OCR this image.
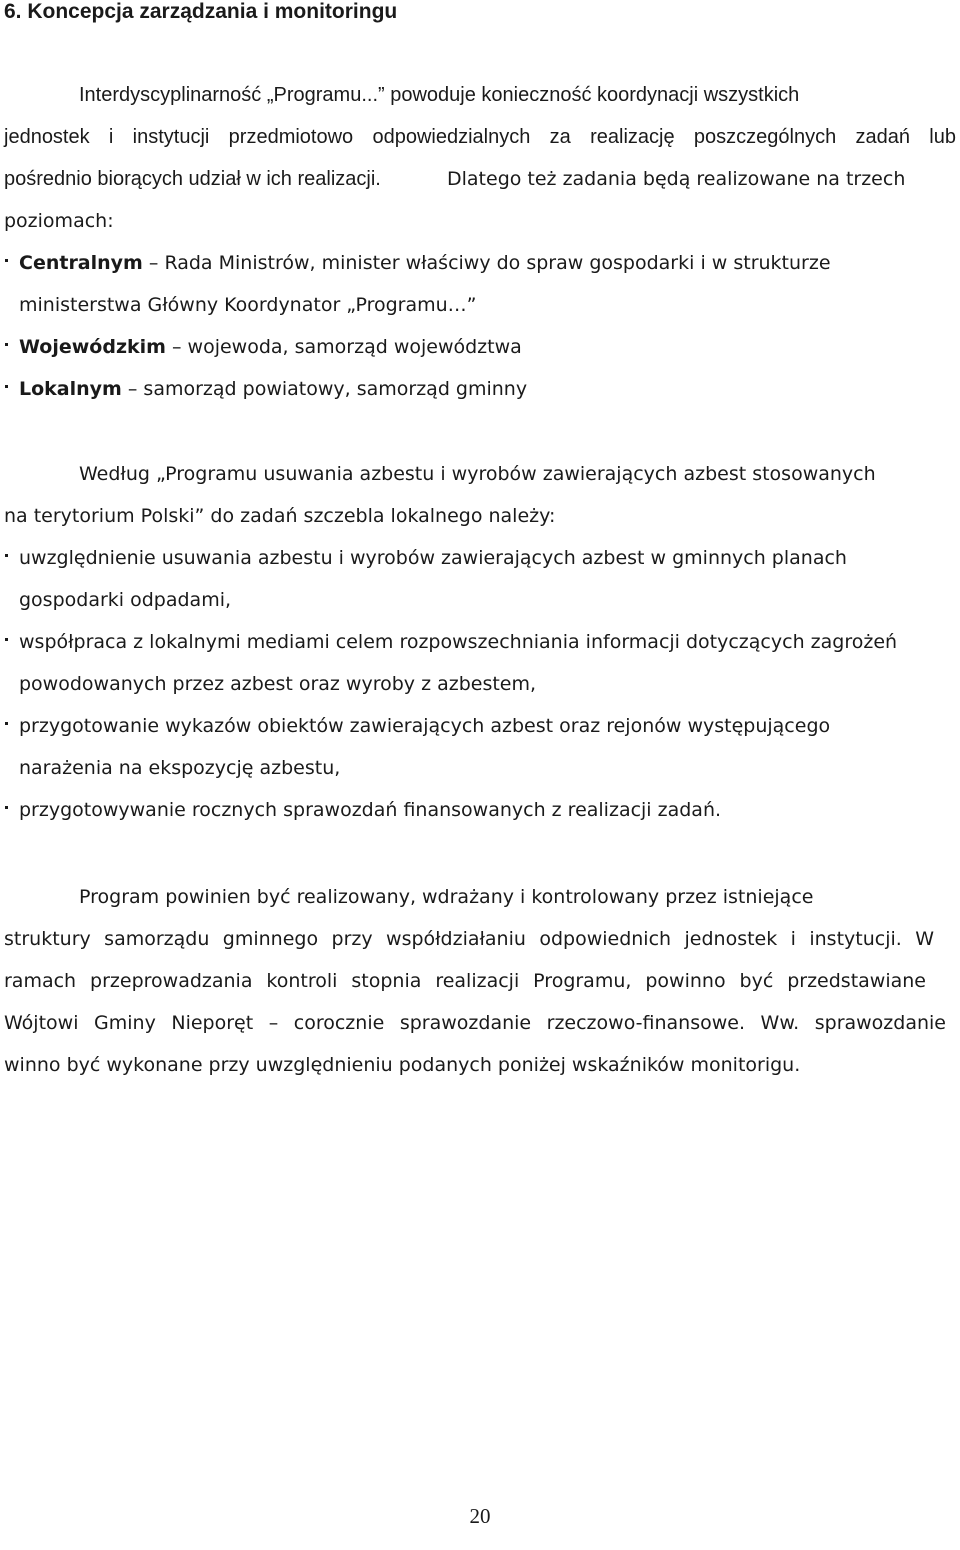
6. Koncepcja zarządzania i monitoringu
Interdyscyplinarność „Programu...” powoduje konieczność koordynacji wszystkich
jednostek i instytucji przedmiotowo odpowiedzialnych za realizację poszczególnych zadań lub
pośrednio biorących udział w ich realizacji.	Dlatego też zadania będą realizowane na trzech
poziomach:
Centralnym – Rada Ministrów, minister właściwy do spraw gospodarki i w strukturze
ministerstwa Główny Koordynator „Programu…”
Wojewódzkim – wojewoda, samorząd województwa
Lokalnym – samorząd powiatowy, samorząd gminny
Według „Programu usuwania azbestu i wyrobów zawierających azbest stosowanych
na terytorium Polski” do zadań szczebla lokalnego należy:
uwzględnienie usuwania azbestu i wyrobów zawierających azbest w gminnych planach
gospodarki odpadami,
współpraca z lokalnymi mediami celem rozpowszechniania informacji dotyczących zagrożeń
powodowanych przez azbest oraz wyroby z azbestem,
przygotowanie wykazów obiektów zawierających azbest oraz rejonów występującego
narażenia na ekspozycję azbestu,
przygotowywanie rocznych sprawozdań finansowanych z realizacji zadań.
Program powinien być realizowany, wdrażany i kontrolowany przez istniejące
struktury samorządu gminnego przy współdziałaniu odpowiednich jednostek i instytucji. W
ramach przeprowadzania kontroli stopnia realizacji Programu, powinno być przedstawiane
Wójtowi Gminy Nieporęt – corocznie sprawozdanie rzeczowo-finansowe. Ww. sprawozdanie
winno być wykonane przy uwzględnieniu podanych poniżej wskaźników monitorigu.
20
